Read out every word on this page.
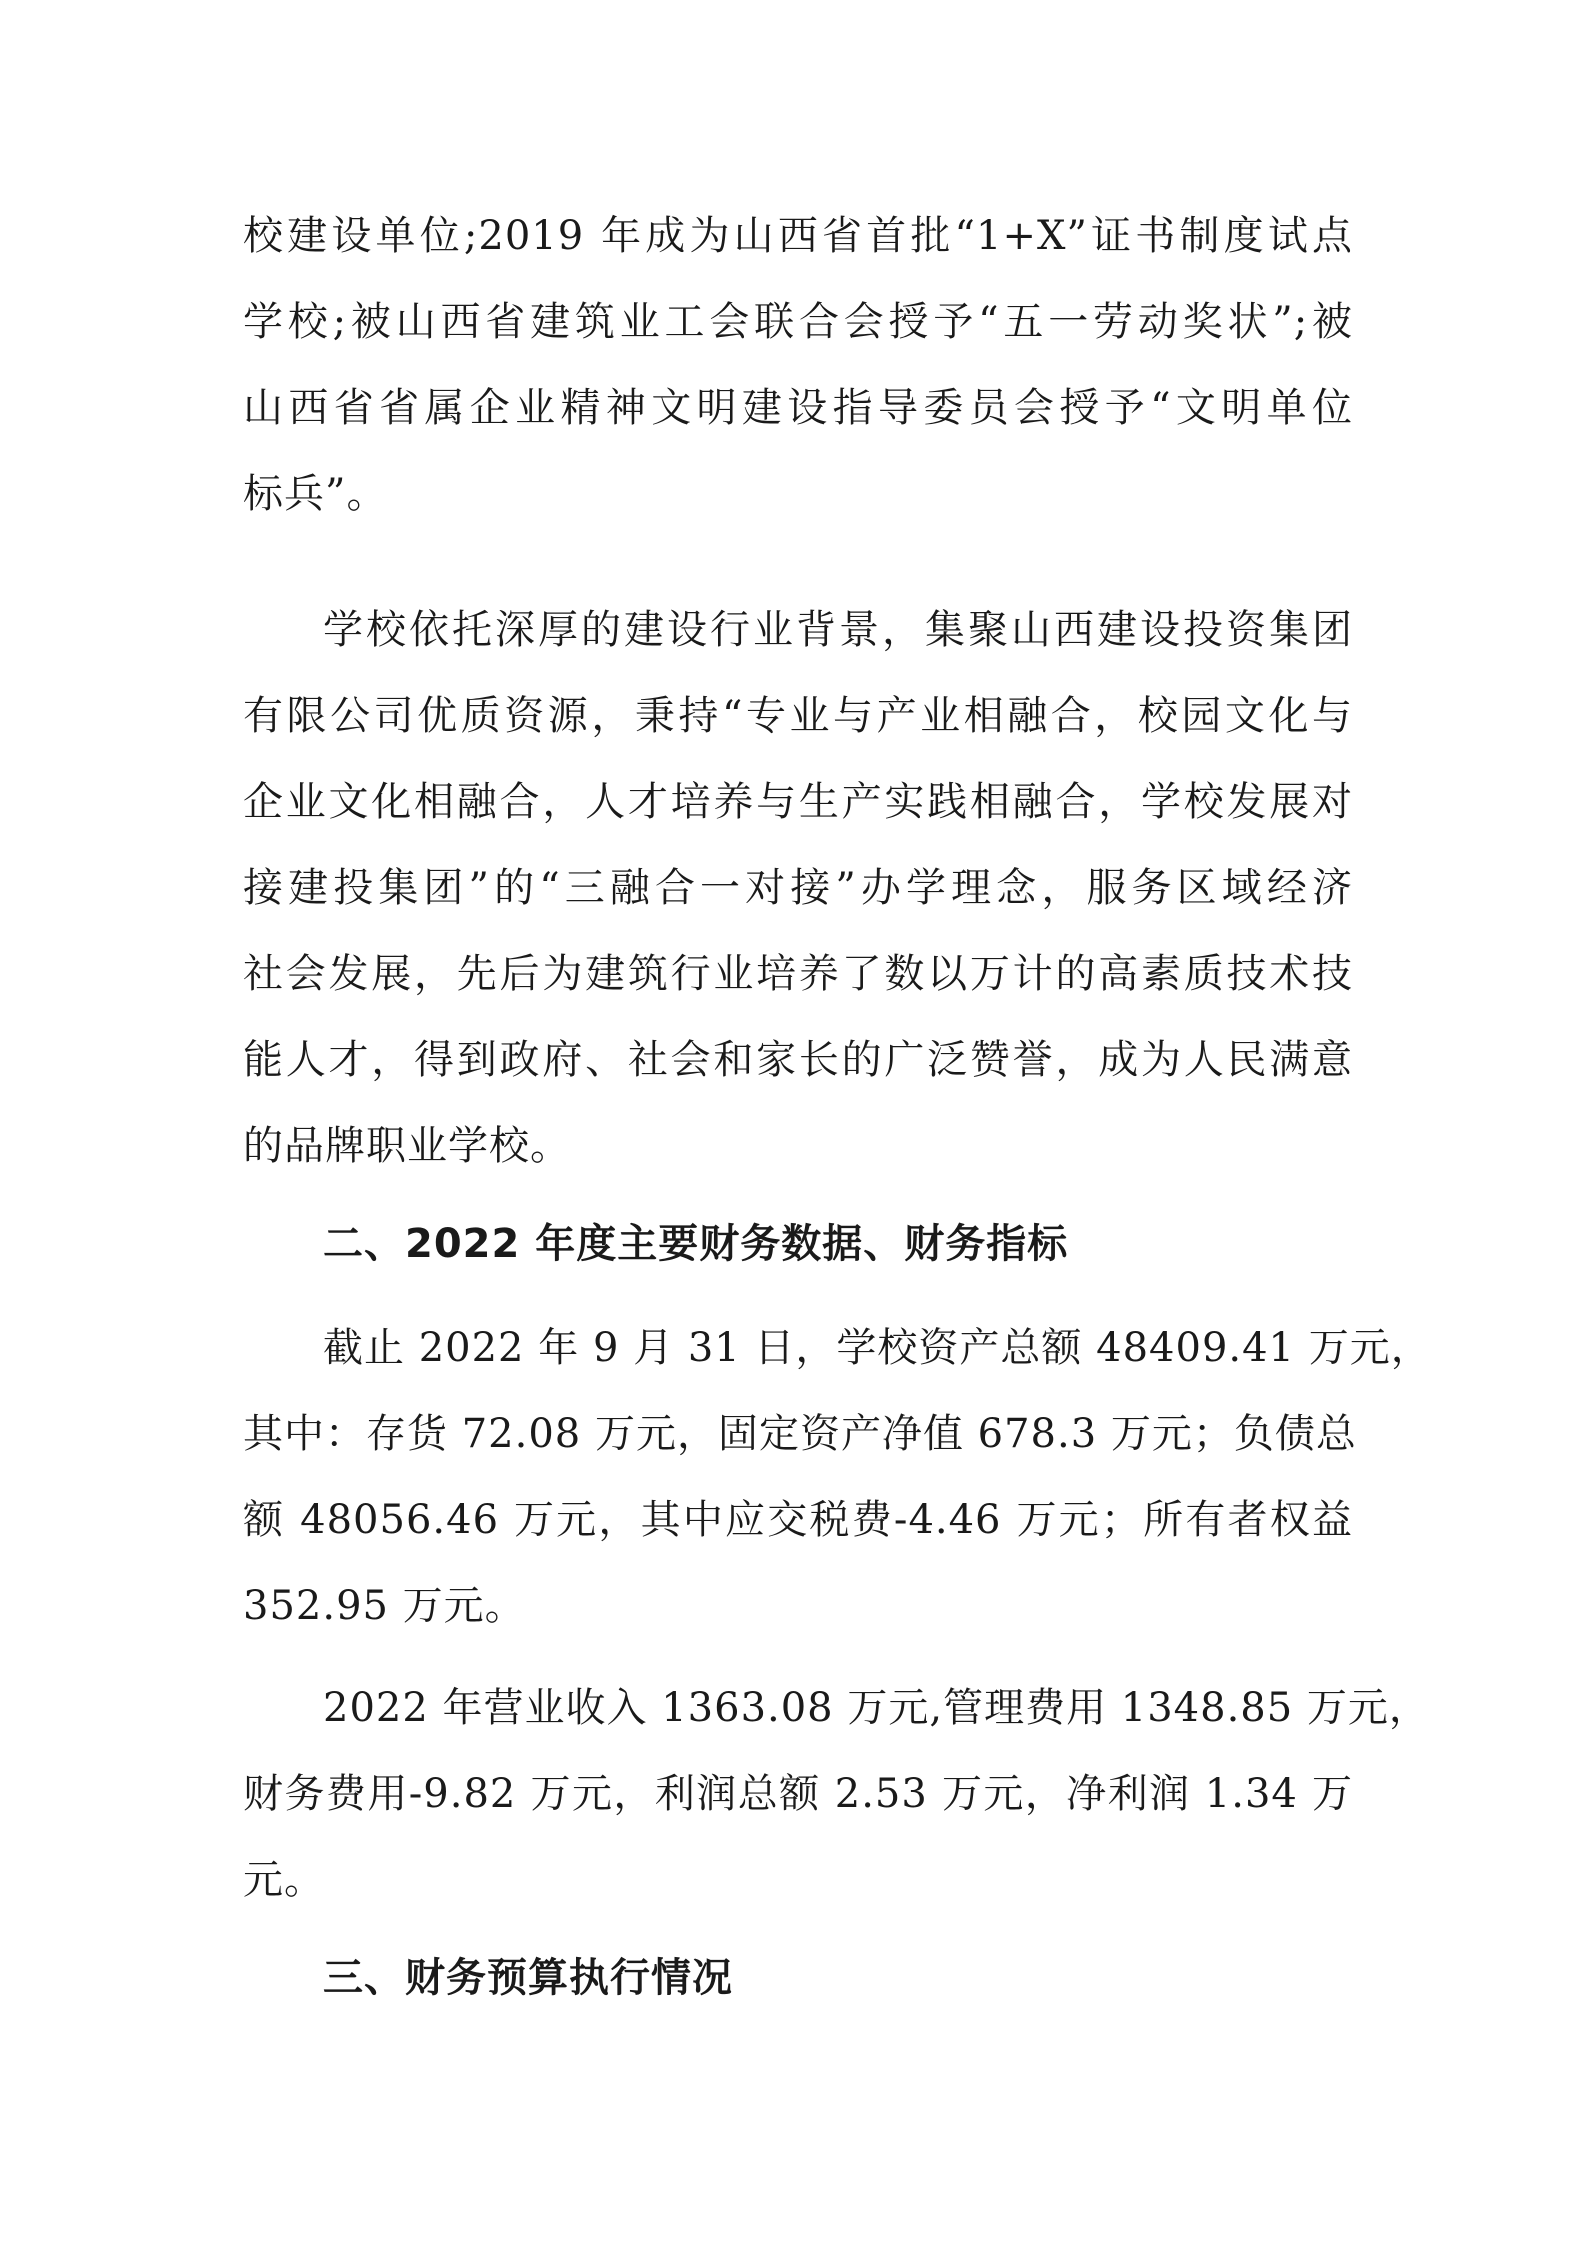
校建设单位;2019 年成为山西省首批“1+X”证书制度试点
学校;被山西省建筑业工会联合会授予“五一劳动奖状”;被
山西省省属企业精神文明建设指导委员会授予“文明单位
标兵”。
学校依托深厚的建设行业背景，集聚山西建设投资集团
有限公司优质资源，秉持“专业与产业相融合，校园文化与
企业文化相融合，人才培养与生产实践相融合，学校发展对
接建投集团”的“三融合一对接”办学理念，服务区域经济
社会发展，先后为建筑行业培养了数以万计的高素质技术技
能人才，得到政府、社会和家长的广泛赞誉，成为人民满意
的品牌职业学校。
二、2022 年度主要财务数据、财务指标
截止 2022 年 9 月 31 日，学校资产总额 48409.41 万元，
其中：存货 72.08 万元，固定资产净值 678.3 万元；负债总
额 48056.46 万元，其中应交税费-4.46 万元；所有者权益
352.95 万元。
2022 年营业收入 1363.08 万元,管理费用 1348.85 万元，
财务费用-9.82 万元，利润总额 2.53 万元，净利润 1.34 万
元。
三、财务预算执行情况
